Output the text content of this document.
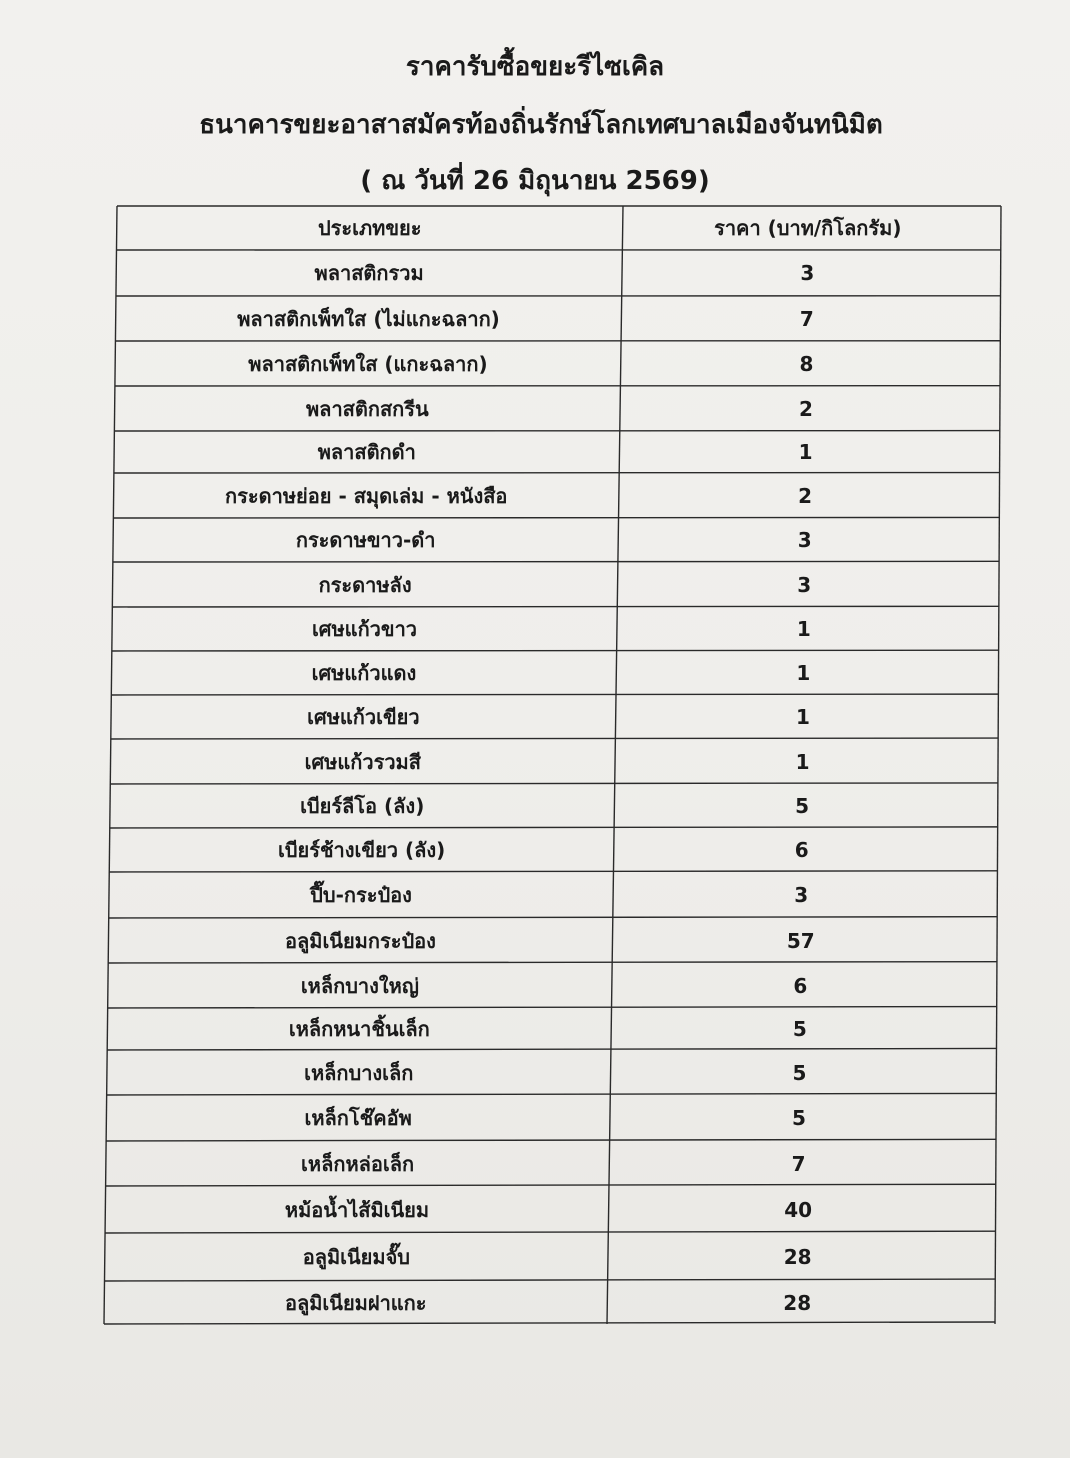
ราคารับซื้อขยะรีไซเคิล
ธนาคารขยะอาสาสมัครท้องถิ่นรักษ์โลกเทศบาลเมืองจันทนิมิต
( ณ วันที่ 26 มิถุนายน 2569)
ประเภทขยะ	ราคา (บาท/กิโลกรัม)
พลาสติกรวม	3
พลาสติกเพ็ทใส (ไม่แกะฉลาก)	7
พลาสติกเพ็ทใส (แกะฉลาก)	8
พลาสติกสกรีน	2
พลาสติกดำ	1
กระดาษย่อย - สมุดเล่ม - หนังสือ	2
กระดาษขาว-ดำ	3
กระดาษลัง	3
เศษแก้วขาว	1
เศษแก้วแดง	1
เศษแก้วเขียว	1
เศษแก้วรวมสี	1
เบียร์ลีโอ (ลัง)	5
เบียร์ช้างเขียว (ลัง)	6
ปี๊บ-กระป๋อง	3
อลูมิเนียมกระป๋อง	57
เหล็กบางใหญ่	6
เหล็กหนาชิ้นเล็ก	5
เหล็กบางเล็ก	5
เหล็กโช๊คอัพ	5
เหล็กหล่อเล็ก	7
หม้อน้ำไส้มิเนียม	40
อลูมิเนียมจั๊บ	28
อลูมิเนียมฝาแกะ	28
